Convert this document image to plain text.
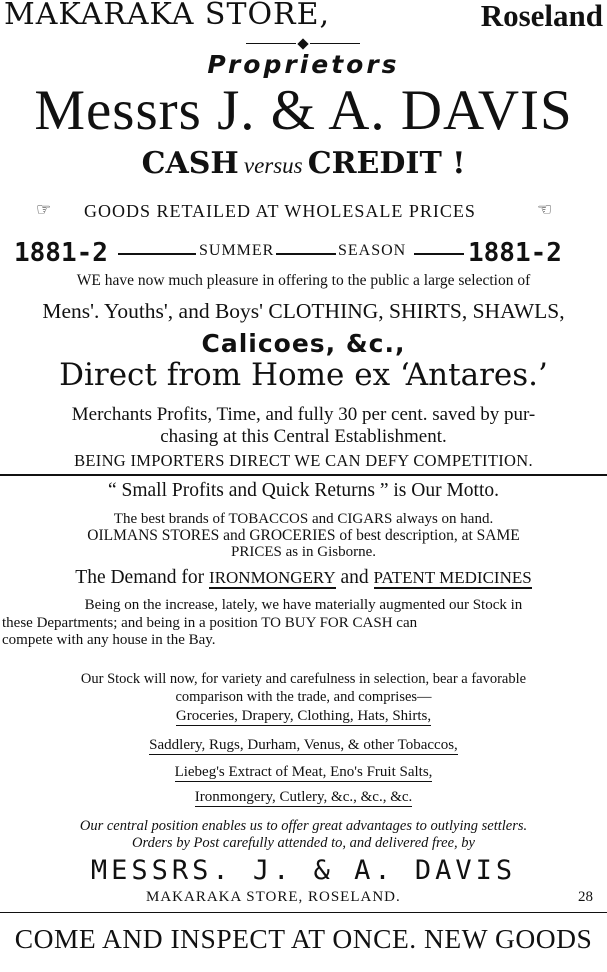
MAKARAKA STORE,	Roseland
Proprietors
Messrs J. & A. DAVIS
CASH versus CREDIT !
☞ GOODS RETAILED AT WHOLESALE PRICES	☜
1881-2	SUMMER	SEASON 1881-2
WE have now much pleasure in offering to the public a large selection of
Mens'. Youths', and Boys' CLOTHING, SHIRTS, SHAWLS,
Calicoes, &c.,
Direct from Home ex ‘Antares.’
Merchants Profits, Time, and fully 30 per cent. saved by pur-
chasing at this Central Establishment.
BEING IMPORTERS DIRECT WE CAN DEFY COMPETITION.
“ Small Profits and Quick Returns ” is Our Motto.
The best brands of TOBACCOS and CIGARS always on hand.
OILMANS STORES and GROCERIES of best description, at SAME
PRICES as in Gisborne.
The Demand for IRONMONGERY and PATENT MEDICINES
Being on the increase, lately, we have materially augmented our Stock in
these Departments; and being in a position TO BUY FOR CASH can
compete with any house in the Bay.
Our Stock will now, for variety and carefulness in selection, bear a favorable
comparison with the trade, and comprises—
Groceries, Drapery, Clothing, Hats, Shirts,
Saddlery, Rugs, Durham, Venus, & other Tobaccos,
Liebeg's Extract of Meat, Eno's Fruit Salts,
Ironmongery, Cutlery, &c., &c., &c.
Our central position enables us to offer great advantages to outlying settlers.
Orders by Post carefully attended to, and delivered free, by
MESSRS. J. & A. DAVIS
MAKARAKA STORE, ROSELAND.	28
COME AND INSPECT AT ONCE. NEW GOODS
